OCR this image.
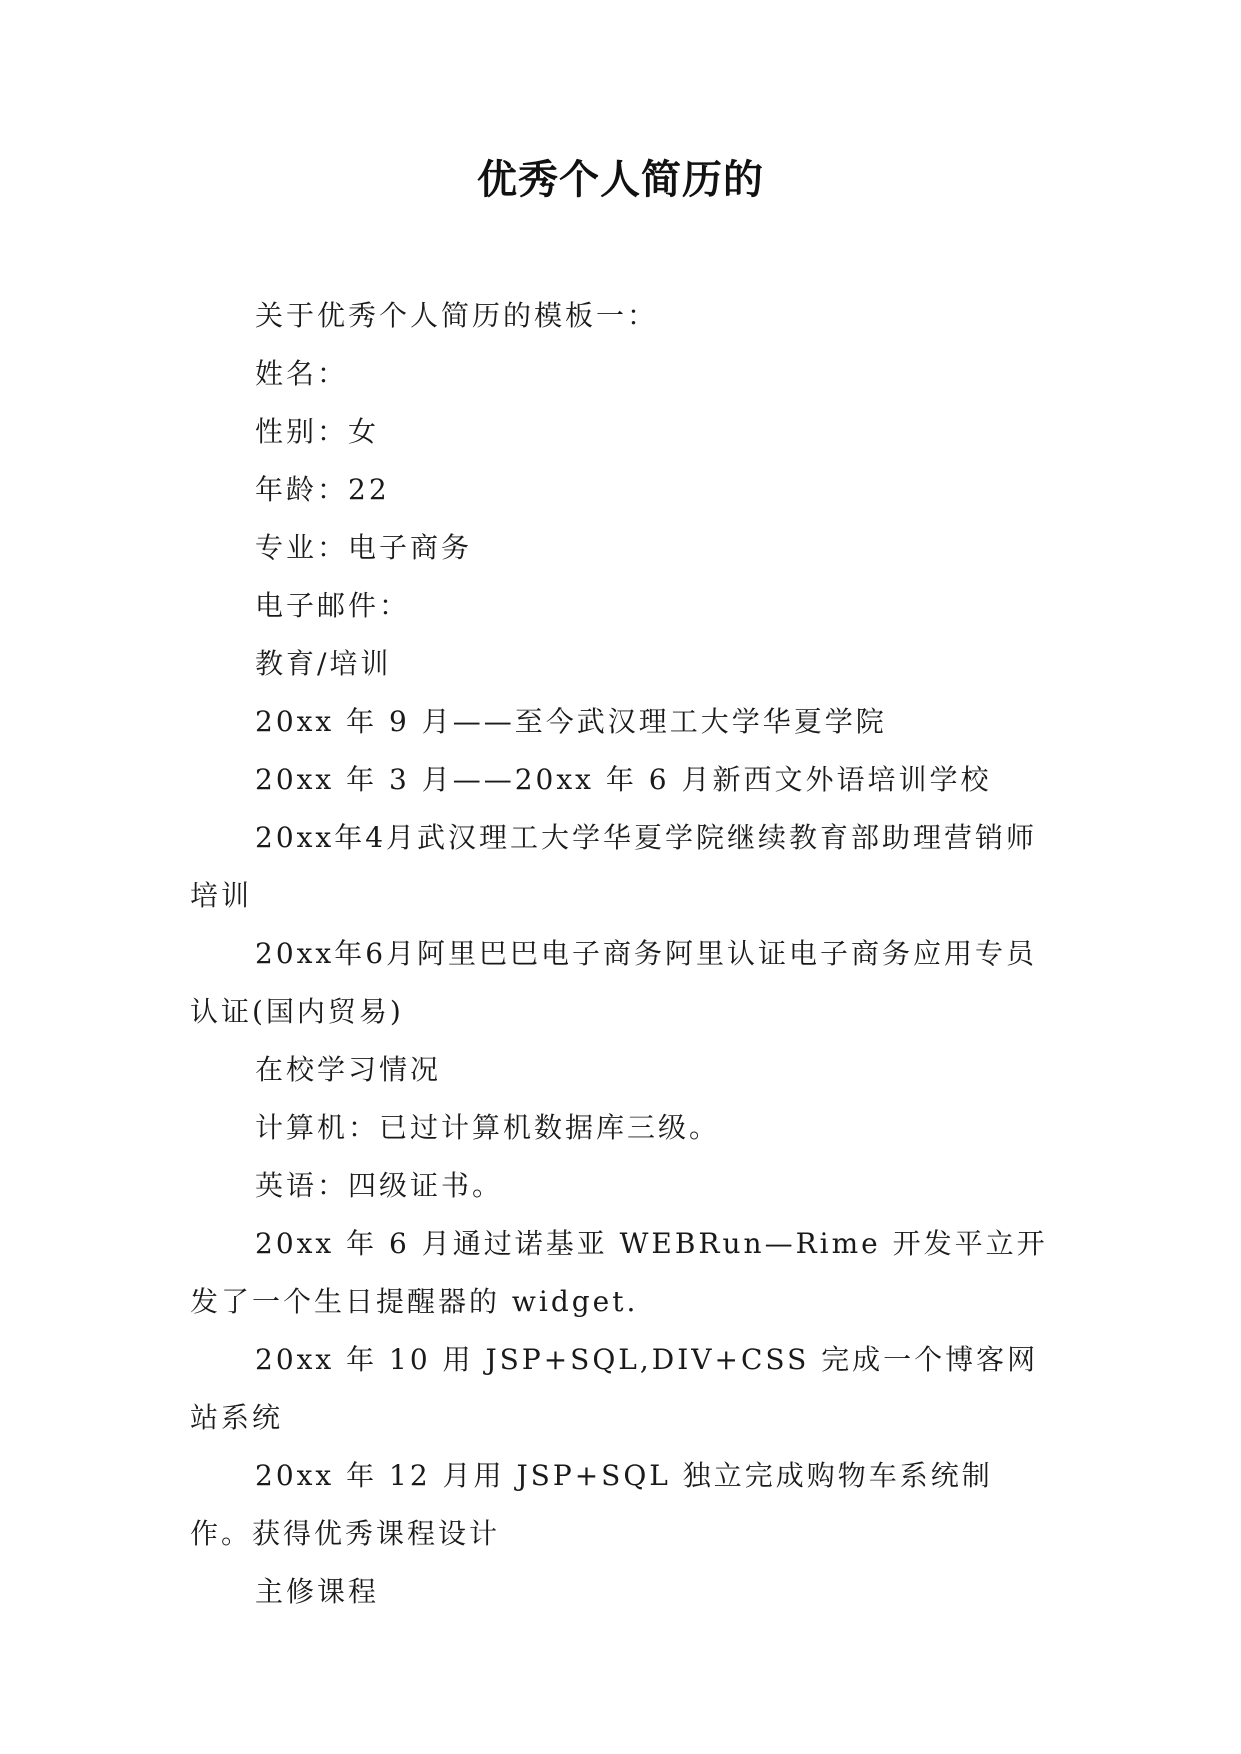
优秀个人简历的

关于优秀个人简历的模板一：

姓名：

性别：女

年龄：22

专业：电子商务

电子邮件：

教育/培训

20xx 年 9 月——至今武汉理工大学华夏学院

20xx 年 3 月——20xx 年 6 月新西文外语培训学校

20xx年4月武汉理工大学华夏学院继续教育部助理营销师培训

20xx年6月阿里巴巴电子商务阿里认证电子商务应用专员认证(国内贸易)

在校学习情况

计算机：已过计算机数据库三级。

英语：四级证书。

20xx 年 6 月通过诺基亚 WEBRun—Rime 开发平立开发了一个生日提醒器的 widget.

20xx 年 10 用 JSP+SQL,DIV+CSS 完成一个博客网站系统

20xx 年 12 月用 JSP+SQL 独立完成购物车系统制作。获得优秀课程设计

主修课程
